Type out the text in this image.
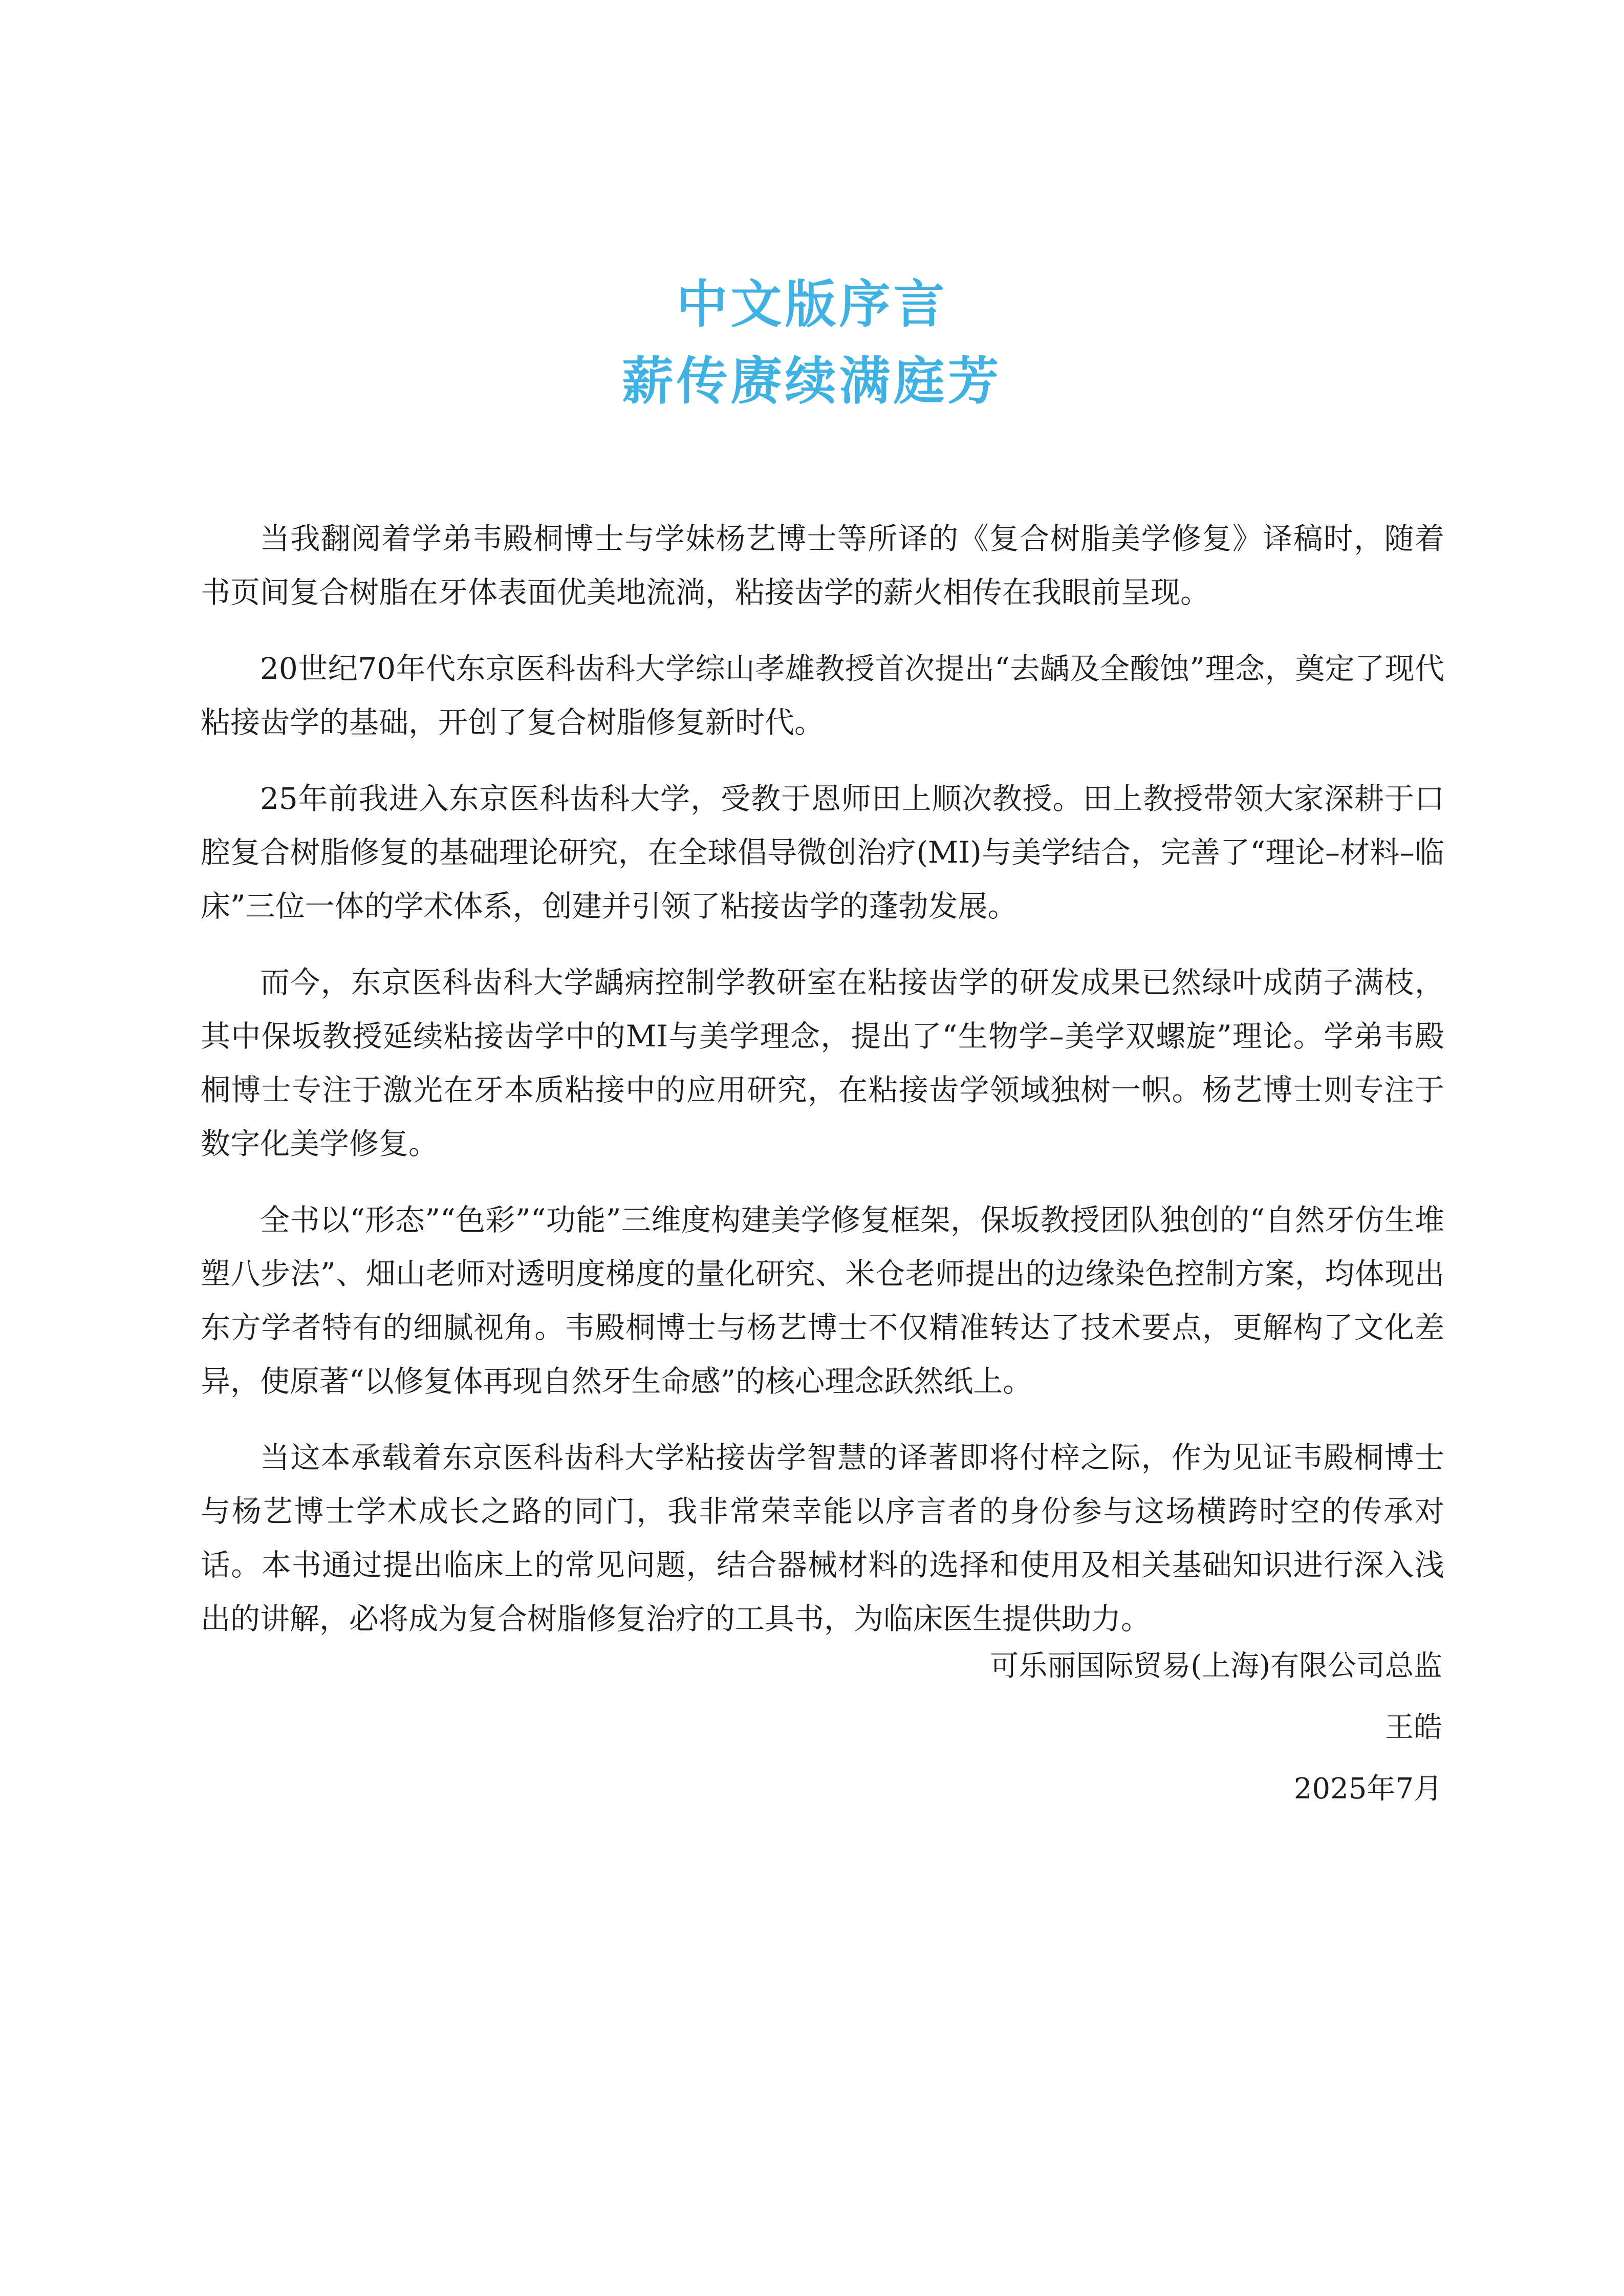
中文版序言
薪传赓续满庭芳

当我翻阅着学弟韦殿桐博士与学妹杨艺博士等所译的《复合树脂美学修复》译稿时，随着书页间复合树脂在牙体表面优美地流淌，粘接齿学的薪火相传在我眼前呈现。

20世纪70年代东京医科齿科大学综山孝雄教授首次提出“去龋及全酸蚀”理念，奠定了现代粘接齿学的基础，开创了复合树脂修复新时代。

25年前我进入东京医科齿科大学，受教于恩师田上顺次教授。田上教授带领大家深耕于口腔复合树脂修复的基础理论研究，在全球倡导微创治疗(MI)与美学结合，完善了“理论–材料–临床”三位一体的学术体系，创建并引领了粘接齿学的蓬勃发展。

而今，东京医科齿科大学龋病控制学教研室在粘接齿学的研发成果已然绿叶成荫子满枝，其中保坂教授延续粘接齿学中的MI与美学理念，提出了“生物学–美学双螺旋”理论。学弟韦殿桐博士专注于激光在牙本质粘接中的应用研究，在粘接齿学领域独树一帜。杨艺博士则专注于数字化美学修复。

全书以“形态”“色彩”“功能”三维度构建美学修复框架，保坂教授团队独创的“自然牙仿生堆塑八步法”、畑山老师对透明度梯度的量化研究、米仓老师提出的边缘染色控制方案，均体现出东方学者特有的细腻视角。韦殿桐博士与杨艺博士不仅精准转达了技术要点，更解构了文化差异，使原著“以修复体再现自然牙生命感”的核心理念跃然纸上。

当这本承载着东京医科齿科大学粘接齿学智慧的译著即将付梓之际，作为见证韦殿桐博士与杨艺博士学术成长之路的同门，我非常荣幸能以序言者的身份参与这场横跨时空的传承对话。本书通过提出临床上的常见问题，结合器械材料的选择和使用及相关基础知识进行深入浅出的讲解，必将成为复合树脂修复治疗的工具书，为临床医生提供助力。

可乐丽国际贸易(上海)有限公司总监
王皓
2025年7月
